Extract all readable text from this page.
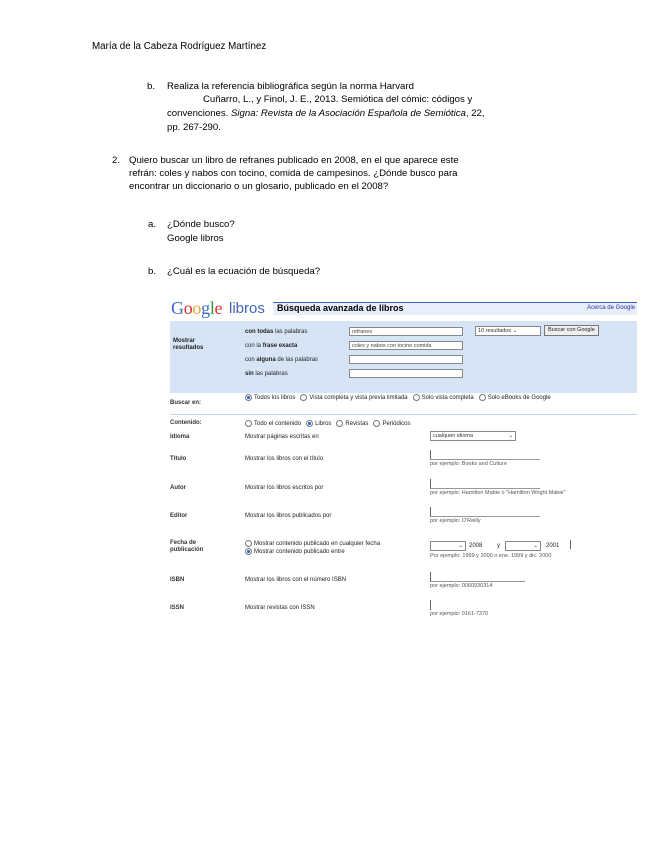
María de la Cabeza Rodríguez Martínez
b. Realiza la referencia bibliográfica según la norma Harvard
Cuñarro, L., y Finol, J. E., 2013. Semiótica del cómic: códigos y
convenciones. Signa: Revista de la Asociación Española de Semiótica, 22,
pp. 267-290.
2. Quiero buscar un libro de refranes publicado en 2008, en el que aparece este
refrán: coles y nabos con tocino, comida de campesinos. ¿Dónde busco para
encontrar un diccionario o un glosario, publicado en el 2008?
a. ¿Dónde busco?
Google libros
b. ¿Cuál es la ecuación de búsqueda?
Google libros Búsqueda avanzada de libros	Acerca de Google
Mostrar
resultados
con todas las palabras	refranes
con la frase exacta	coles y nabos con tocino comida
con alguna de las palabras
sin las palabras
10 resultados ⌄	Buscar con Google
Buscar en:
Todos los libros Vista completa y vista previa limitada Solo vista completa Solo eBooks de Google
Contenido:	Todo el contenido Libros Revistas Periódicos
Idioma	Mostrar páginas escritas en	cualquier idioma	⌄
Título	Mostrar los libros con el título
por ejemplo: Books and Culture
Autor	Mostrar los libros escritos por
por ejemplo: Hamilton Mabie o "Hamilton Wright Mabie"
Editor	Mostrar los libros publicados por
por ejemplo: O'Reilly
Fecha de
publicación
Mostrar contenido publicado en cualquier fecha
Mostrar contenido publicado entre
⌄	2008 y	⌄	2001
Por ejemplo: 1999 y 2000 o ene. 1999 y dic. 2000
ISBN	Mostrar los libros con el número ISBN
por ejemplo: 0060930314
ISSN	Mostrar revistas con ISSN
por ejemplo: 0161-7370
